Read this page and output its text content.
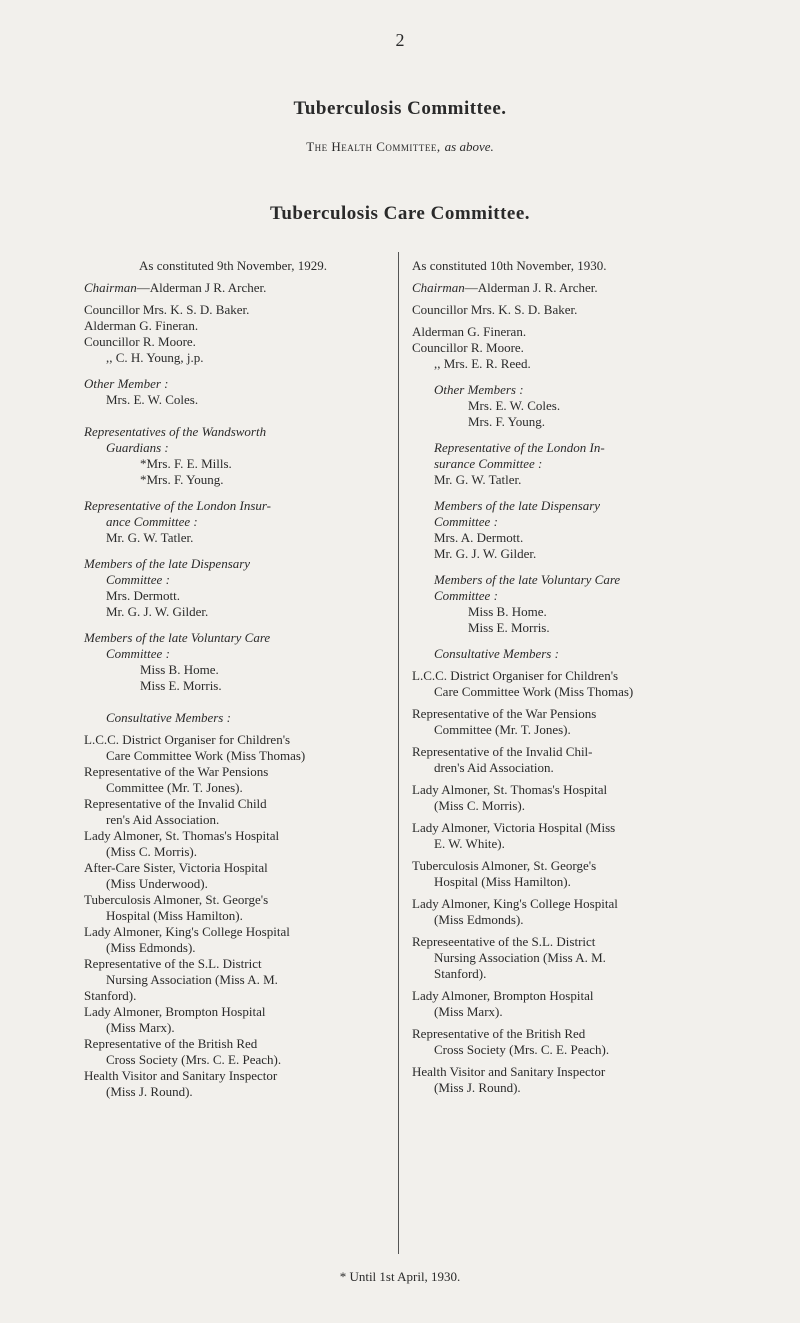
2
Tuberculosis Committee.
The Health Committee, as above.
Tuberculosis Care Committee.
As constituted 9th November, 1929.
Chairman—Alderman J R. Archer.
Councillor Mrs. K. S. D. Baker.
Alderman G. Fineran.
Councillor R. Moore.
,, C. H. Young, j.p.
Other Member :
Mrs. E. W. Coles.
Representatives of the Wandsworth
Guardians :
*Mrs. F. E. Mills.
*Mrs. F. Young.
Representative of the London Insur-
ance Committee :
Mr. G. W. Tatler.
Members of the late Dispensary
Committee :
Mrs. Dermott.
Mr. G. J. W. Gilder.
Members of the late Voluntary Care
Committee :
Miss B. Home.
Miss E. Morris.
Consultative Members :
L.C.C. District Organiser for Children's
Care Committee Work (Miss Thomas)
Representative of the War Pensions
Committee (Mr. T. Jones).
Representative of the Invalid Child
ren's Aid Association.
Lady Almoner, St. Thomas's Hospital
(Miss C. Morris).
After-Care Sister, Victoria Hospital
(Miss Underwood).
Tuberculosis Almoner, St. George's
Hospital (Miss Hamilton).
Lady Almoner, King's College Hospital
(Miss Edmonds).
Representative of the S.L. District
Nursing Association (Miss A. M.
Stanford).
Lady Almoner, Brompton Hospital
(Miss Marx).
Representative of the British Red
Cross Society (Mrs. C. E. Peach).
Health Visitor and Sanitary Inspector
(Miss J. Round).
As constituted 10th November, 1930.
Chairman—Alderman J. R. Archer.
Councillor Mrs. K. S. D. Baker.
Alderman G. Fineran.
Councillor R. Moore.
,, Mrs. E. R. Reed.
Other Members :
Mrs. E. W. Coles.
Mrs. F. Young.
Representative of the London In-
surance Committee :
Mr. G. W. Tatler.
Members of the late Dispensary
Committee :
Mrs. A. Dermott.
Mr. G. J. W. Gilder.
Members of the late Voluntary Care
Committee :
Miss B. Home.
Miss E. Morris.
Consultative Members :
L.C.C. District Organiser for Children's
Care Committee Work (Miss Thomas)
Representative of the War Pensions
Committee (Mr. T. Jones).
Representative of the Invalid Chil-
dren's Aid Association.
Lady Almoner, St. Thomas's Hospital
(Miss C. Morris).
Lady Almoner, Victoria Hospital (Miss
E. W. White).
Tuberculosis Almoner, St. George's
Hospital (Miss Hamilton).
Lady Almoner, King's College Hospital
(Miss Edmonds).
Represeentative of the S.L. District
Nursing Association (Miss A. M.
Stanford).
Lady Almoner, Brompton Hospital
(Miss Marx).
Representative of the British Red
Cross Society (Mrs. C. E. Peach).
Health Visitor and Sanitary Inspector
(Miss J. Round).
* Until 1st April, 1930.
